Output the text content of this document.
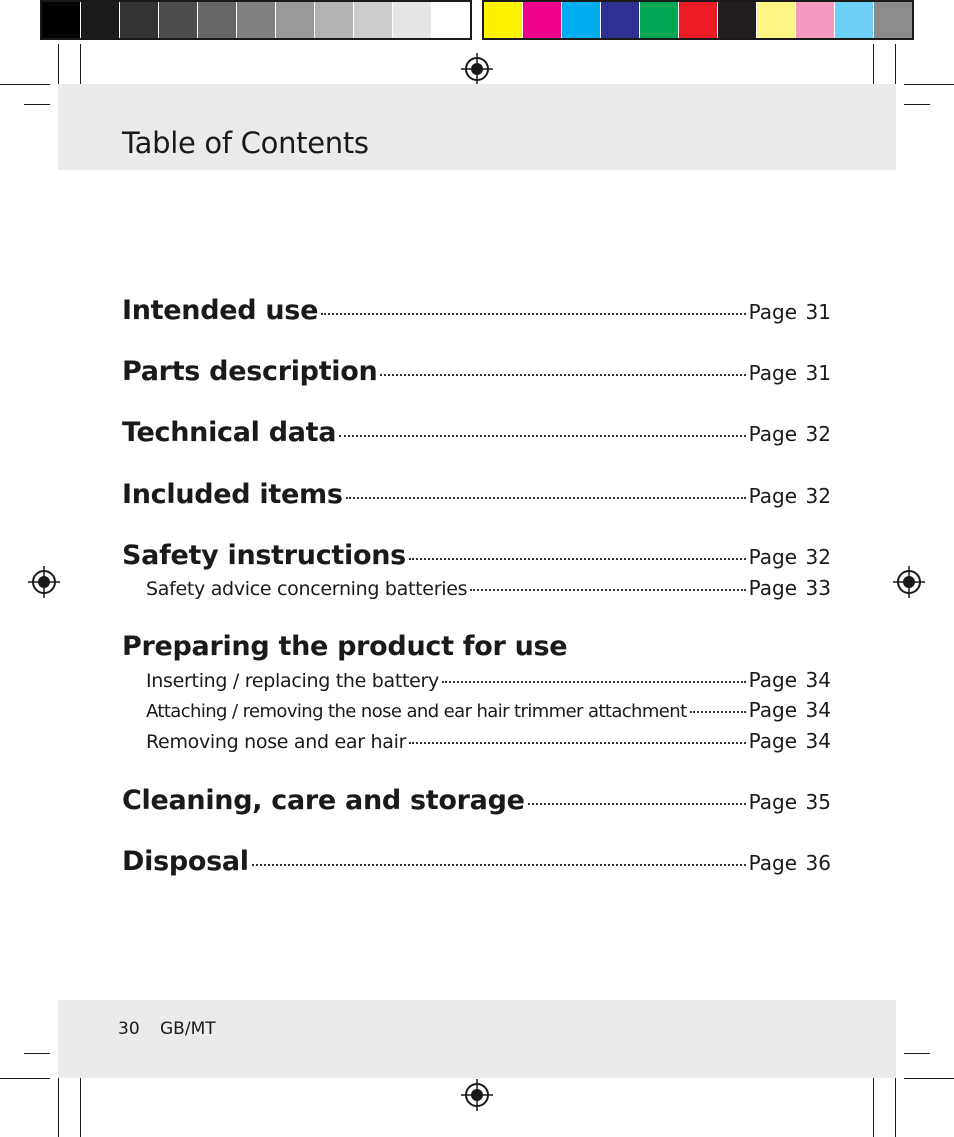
Table of Contents
Intended use	Page 31
Parts description	Page 31
Technical data	Page 32
Included items	Page 32
Safety instructions	Page 32
Safety advice concerning batteries	Page 33
Preparing the product for use
Inserting / replacing the battery	Page 34
Attaching / removing the nose and ear hair trimmer attachment	Page 34
Removing nose and ear hair	Page 34
Cleaning, care and storage	Page 35
Disposal	Page 36
30 GB/MT
